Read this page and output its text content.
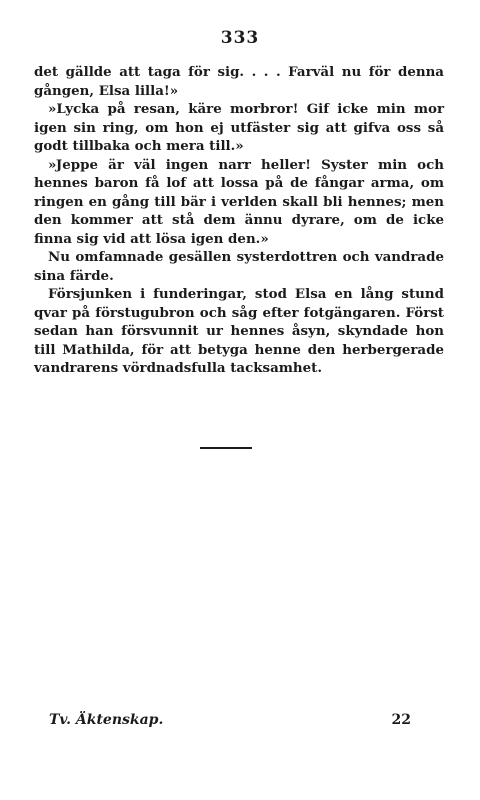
333

det gällde att taga för sig. . . . Farväl nu för denna gången, Elsa lilla!»

»Lycka på resan, käre morbror! Gif icke min mor igen sin ring, om hon ej utfäster sig att gifva oss så godt tillbaka och mera till.»

»Jeppe är väl ingen narr heller! Syster min och hennes baron få lof att lossa på de fångar arma, om ringen en gång till bär i verlden skall bli hennes; men den kommer att stå dem ännu dyrare, om de icke finna sig vid att lösa igen den.»

Nu omfamnade gesällen systerdottren och vandrade sina färde.

Försjunken i funderingar, stod Elsa en lång stund qvar på förstugubron och såg efter fotgängaren. Först sedan han försvunnit ur hennes åsyn, skyndade hon till Mathilda, för att betyga henne den herbergerade vandrarens vördnadsfulla tacksamhet.

Tv. Äktenskap.	22
